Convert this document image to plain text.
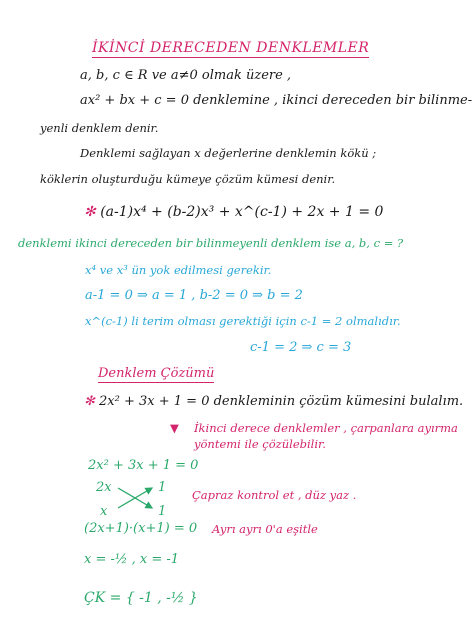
İKİNCİ DERECEDEN DENKLEMLER
a, b, c ∈ R ve a≠0 olmak üzere ,
ax² + bx + c = 0 denklemine , ikinci dereceden bir bilinme-
yenli denklem denir.
Denklemi sağlayan x değerlerine denklemin kökü ;
köklerin oluşturduğu kümeye çözüm kümesi denir.
✻ (a-1)x⁴ + (b-2)x³ + x^(c-1) + 2x + 1 = 0
denklemi ikinci dereceden bir bilinmeyenli denklem ise a, b, c = ?
x⁴ ve x³ ün yok edilmesi gerekir.
a-1 = 0 ⇒ a = 1 , b-2 = 0 ⇒ b = 2
x^(c-1) li terim olması gerektiği için c-1 = 2 olmalıdır.
c-1 = 2 ⇒ c = 3
Denklem Çözümü
✻ 2x² + 3x + 1 = 0 denkleminin çözüm kümesini bulalım.
▼ İkinci derece denklemler , çarpanlara ayırma
yöntemi ile çözülebilir.
2x² + 3x + 1 = 0
2x	1
x	1
Çapraz kontrol et , düz yaz .
(2x+1)·(x+1) = 0 Ayrı ayrı 0'a eşitle
x = -½ , x = -1
ÇK = { -1 , -½ }
